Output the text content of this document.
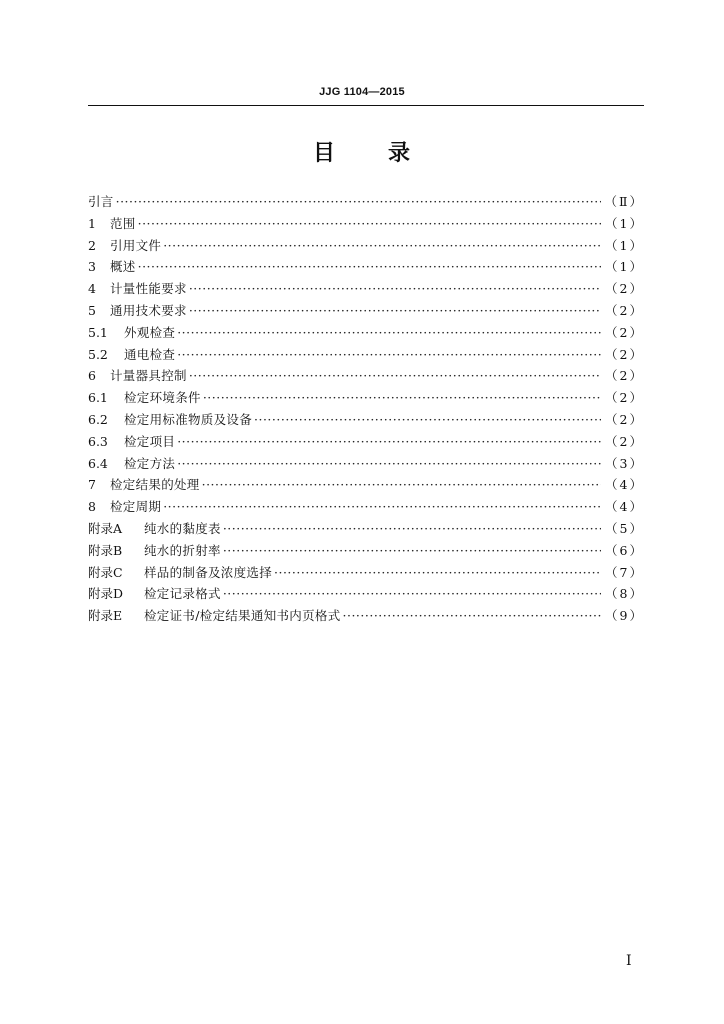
JJG 1104—2015
目 录
引言 ·····	（Ⅱ）
1	范围 ·····	（1）
2	引用文件 ·····	（1）
3	概述 ·····	（1）
4	计量性能要求 ·····	（2）
5	通用技术要求 ·····	（2）
5.1	外观检查 ·····	（2）
5.2	通电检查 ·····	（2）
6	计量器具控制 ·····	（2）
6.1	检定环境条件 ·····	（2）
6.2	检定用标准物质及设备 ·····	（2）
6.3	检定项目 ·····	（2）
6.4	检定方法 ·····	（3）
7	检定结果的处理 ·····	（4）
8	检定周期 ·····	（4）
附录A	纯水的黏度表 ·····	（5）
附录B	纯水的折射率 ·····	（6）
附录C	样品的制备及浓度选择 ·····	（7）
附录D	检定记录格式 ·····	（8）
附录E	检定证书/检定结果通知书内页格式 ·····	（9）
I
